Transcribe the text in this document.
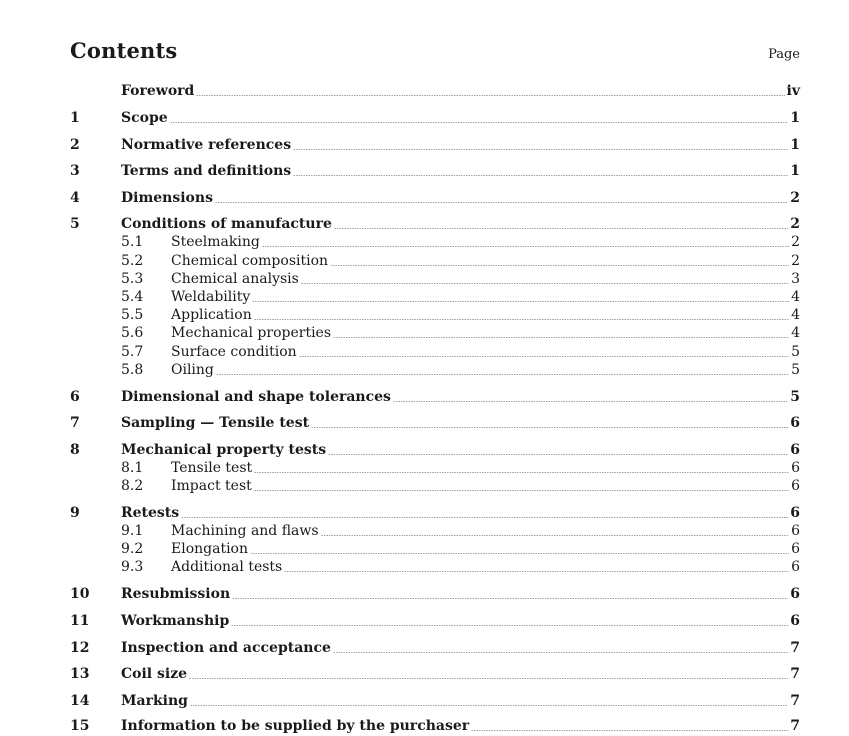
Contents	Page
Foreword	iv
1	Scope	1
2	Normative references	1
3	Terms and definitions	1
4	Dimensions	2
5	Conditions of manufacture	2
5.1	Steelmaking	2
5.2	Chemical composition	2
5.3	Chemical analysis	3
5.4	Weldability	4
5.5	Application	4
5.6	Mechanical properties	4
5.7	Surface condition	5
5.8	Oiling	5
6	Dimensional and shape tolerances	5
7	Sampling — Tensile test	6
8	Mechanical property tests	6
8.1	Tensile test	6
8.2	Impact test	6
9	Retests	6
9.1	Machining and flaws	6
9.2	Elongation	6
9.3	Additional tests	6
10	Resubmission	6
11	Workmanship	6
12	Inspection and acceptance	7
13	Coil size	7
14	Marking	7
15	Information to be supplied by the purchaser	7
